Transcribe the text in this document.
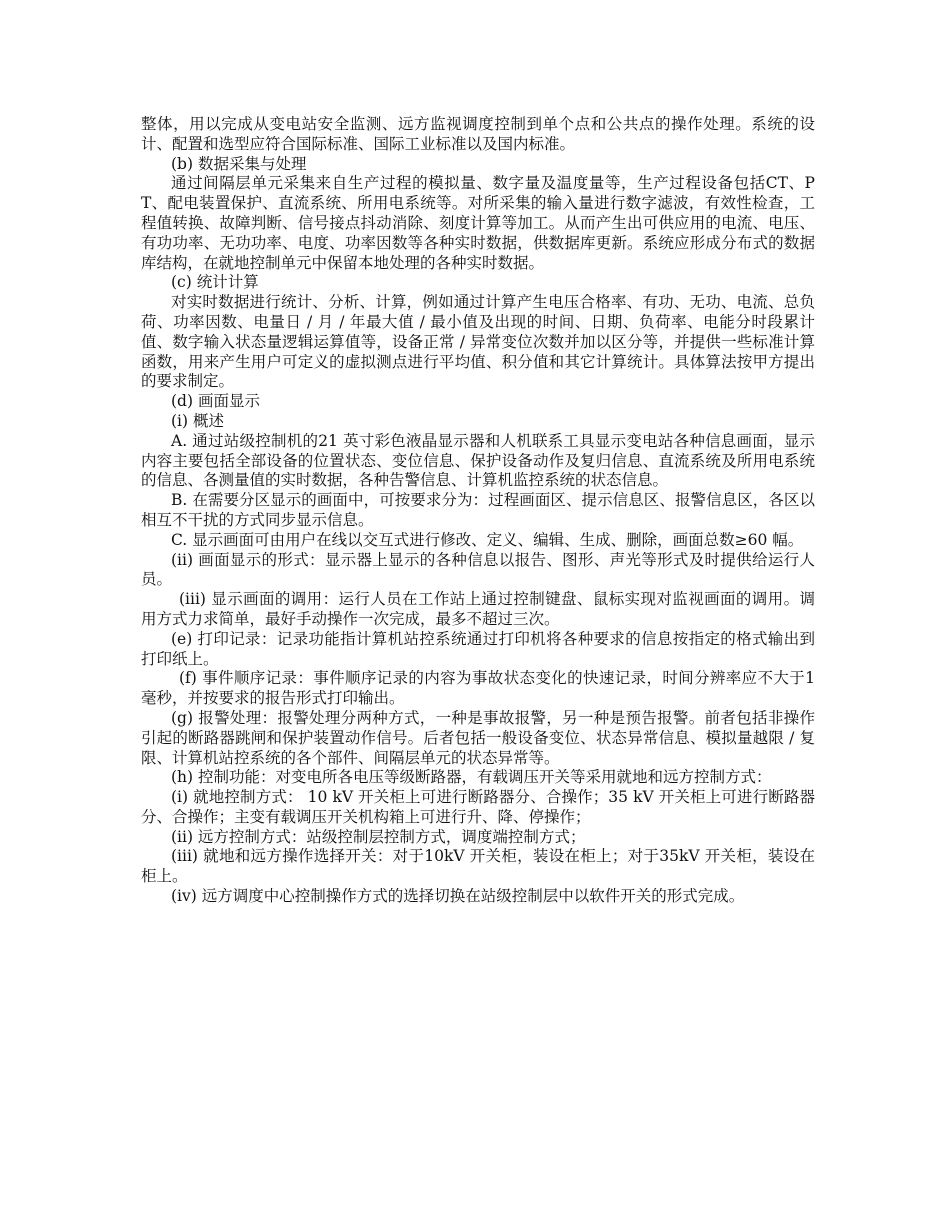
整体，用以完成从变电站安全监测、远方监视调度控制到单个点和公共点的操作处理。系统的设计、配置和选型应符合国际标准、国际工业标准以及国内标准。

(b) 数据采集与处理

通过间隔层单元采集来自生产过程的模拟量、数字量及温度量等，生产过程设备包括CT、PT、配电装置保护、直流系统、所用电系统等。对所采集的输入量进行数字滤波，有效性检查，工程值转换、故障判断、信号接点抖动消除、刻度计算等加工。从而产生出可供应用的电流、电压、有功功率、无功功率、电度、功率因数等各种实时数据，供数据库更新。系统应形成分布式的数据库结构，在就地控制单元中保留本地处理的各种实时数据。

(c) 统计计算

对实时数据进行统计、分析、计算，例如通过计算产生电压合格率、有功、无功、电流、总负荷、功率因数、电量日 / 月 / 年最大值 / 最小值及出现的时间、日期、负荷率、电能分时段累计值、数字输入状态量逻辑运算值等，设备正常 / 异常变位次数并加以区分等，并提供一些标准计算函数，用来产生用户可定义的虚拟测点进行平均值、积分值和其它计算统计。具体算法按甲方提出的要求制定。

(d) 画面显示

(i) 概述

A. 通过站级控制机的21 英寸彩色液晶显示器和人机联系工具显示变电站各种信息画面，显示内容主要包括全部设备的位置状态、变位信息、保护设备动作及复归信息、直流系统及所用电系统的信息、各测量值的实时数据，各种告警信息、计算机监控系统的状态信息。

B. 在需要分区显示的画面中，可按要求分为：过程画面区、提示信息区、报警信息区，各区以相互不干扰的方式同步显示信息。

C. 显示画面可由用户在线以交互式进行修改、定义、编辑、生成、删除，画面总数≥60 幅。

(ii) 画面显示的形式：显示器上显示的各种信息以报告、图形、声光等形式及时提供给运行人员。

(iii) 显示画面的调用：运行人员在工作站上通过控制键盘、鼠标实现对监视画面的调用。调用方式力求简单，最好手动操作一次完成，最多不超过三次。

(e) 打印记录：记录功能指计算机站控系统通过打印机将各种要求的信息按指定的格式输出到打印纸上。

(f) 事件顺序记录：事件顺序记录的内容为事故状态变化的快速记录，时间分辨率应不大于1 毫秒，并按要求的报告形式打印输出。

(g) 报警处理：报警处理分两种方式，一种是事故报警，另一种是预告报警。前者包括非操作引起的断路器跳闸和保护装置动作信号。后者包括一般设备变位、状态异常信息、模拟量越限 / 复限、计算机站控系统的各个部件、间隔层单元的状态异常等。

(h) 控制功能：对变电所各电压等级断路器，有载调压开关等采用就地和远方控制方式：

(i) 就地控制方式： 10 kV 开关柜上可进行断路器分、合操作；35 kV 开关柜上可进行断路器分、合操作；主变有载调压开关机构箱上可进行升、降、停操作；

(ii) 远方控制方式：站级控制层控制方式，调度端控制方式；

(iii) 就地和远方操作选择开关：对于10kV 开关柜，装设在柜上；对于35kV 开关柜，装设在柜上。

(iv) 远方调度中心控制操作方式的选择切换在站级控制层中以软件开关的形式完成。
